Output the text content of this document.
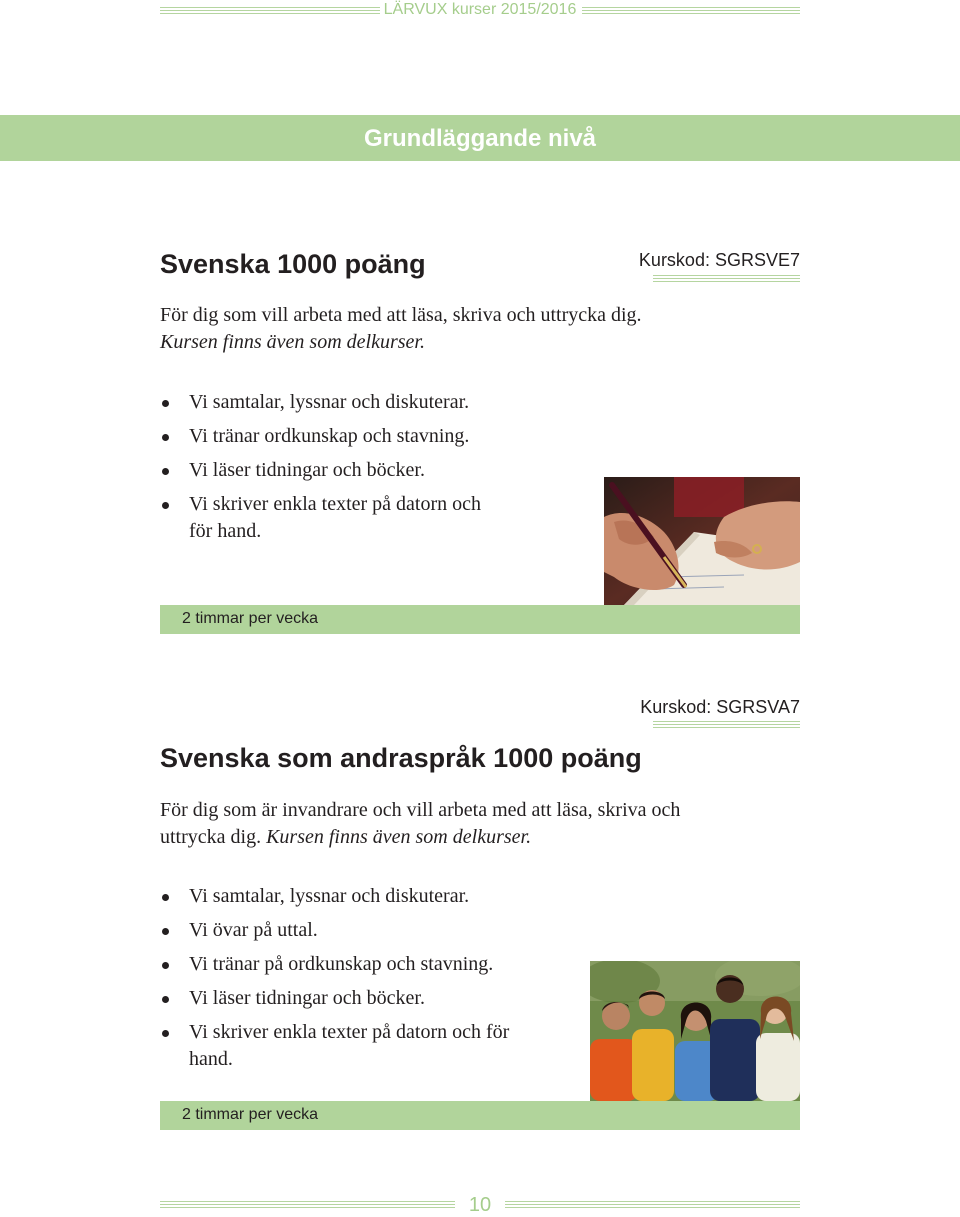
LÄRVUX kurser 2015/2016
Grundläggande nivå
Svenska 1000 poäng	Kurskod: SGRSVE7
För dig som vill arbeta med att läsa, skriva och uttrycka dig.
Kursen finns även som delkurser.
Vi samtalar, lyssnar och diskuterar.
Vi tränar ordkunskap och stavning.
Vi läser tidningar och böcker.
Vi skriver enkla texter på datorn och för hand.
2 timmar per vecka
Kurskod: SGRSVA7
Svenska som andraspråk 1000 poäng
För dig som är invandrare och vill arbeta med att läsa, skriva och uttrycka dig. Kursen finns även som delkurser.
Vi samtalar, lyssnar och diskuterar.
Vi övar på uttal.
Vi tränar på ordkunskap och stavning.
Vi läser tidningar och böcker.
Vi skriver enkla texter på datorn och för hand.
2 timmar per vecka
10
